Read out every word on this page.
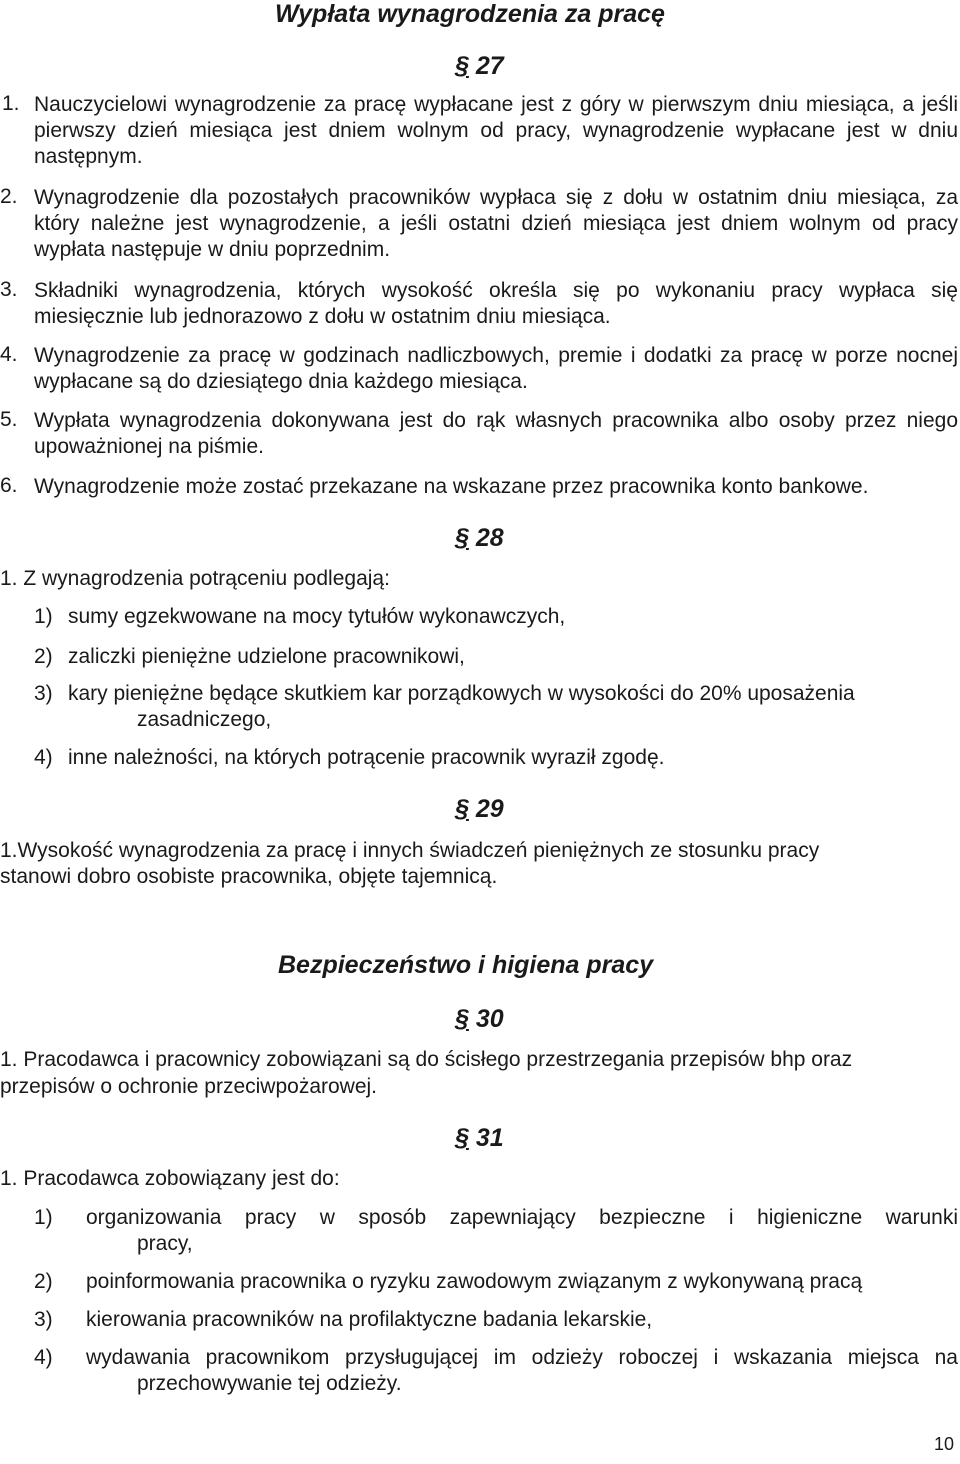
Wypłata wynagrodzenia za pracę
§ 27
1. Nauczycielowi wynagrodzenie za pracę wypłacane jest z góry w pierwszym dniu miesiąca, a jeśli pierwszy dzień miesiąca jest dniem wolnym od pracy, wynagrodzenie wypłacane jest w dniu następnym.
2. Wynagrodzenie dla pozostałych pracowników wypłaca się z dołu w ostatnim dniu miesiąca, za który należne jest wynagrodzenie, a jeśli ostatni dzień miesiąca jest dniem wolnym od pracy wypłata następuje w dniu poprzednim.
3. Składniki wynagrodzenia, których wysokość określa się po wykonaniu pracy wypłaca się miesięcznie lub jednorazowo z dołu w ostatnim dniu miesiąca.
4. Wynagrodzenie za pracę w godzinach nadliczbowych, premie i dodatki za pracę w porze nocnej wypłacane są do dziesiątego dnia każdego miesiąca.
5. Wypłata wynagrodzenia dokonywana jest do rąk własnych pracownika albo osoby przez niego upoważnionej na piśmie.
6. Wynagrodzenie może zostać przekazane na wskazane przez pracownika konto bankowe.
§ 28
1. Z wynagrodzenia potrąceniu podlegają:
1) sumy egzekwowane na mocy tytułów wykonawczych,
2) zaliczki pieniężne udzielone pracownikowi,
3) kary pieniężne będące skutkiem kar porządkowych w wysokości do 20% uposażenia
zasadniczego,
4) inne należności, na których potrącenie pracownik wyraził zgodę.
§ 29
1.Wysokość wynagrodzenia za pracę i innych świadczeń pieniężnych ze stosunku pracy
stanowi dobro osobiste pracownika, objęte tajemnicą.
Bezpieczeństwo i higiena pracy
§ 30
1. Pracodawca i pracownicy zobowiązani są do ścisłego przestrzegania przepisów bhp oraz
przepisów o ochronie przeciwpożarowej.
§ 31
1. Pracodawca zobowiązany jest do:
1) organizowania pracy w sposób zapewniający bezpieczne i higieniczne warunki
pracy,
2) poinformowania pracownika o ryzyku zawodowym związanym z wykonywaną pracą
3) kierowania pracowników na profilaktyczne badania lekarskie,
4) wydawania pracownikom przysługującej im odzieży roboczej i wskazania miejsca na
przechowywanie tej odzieży.
10
